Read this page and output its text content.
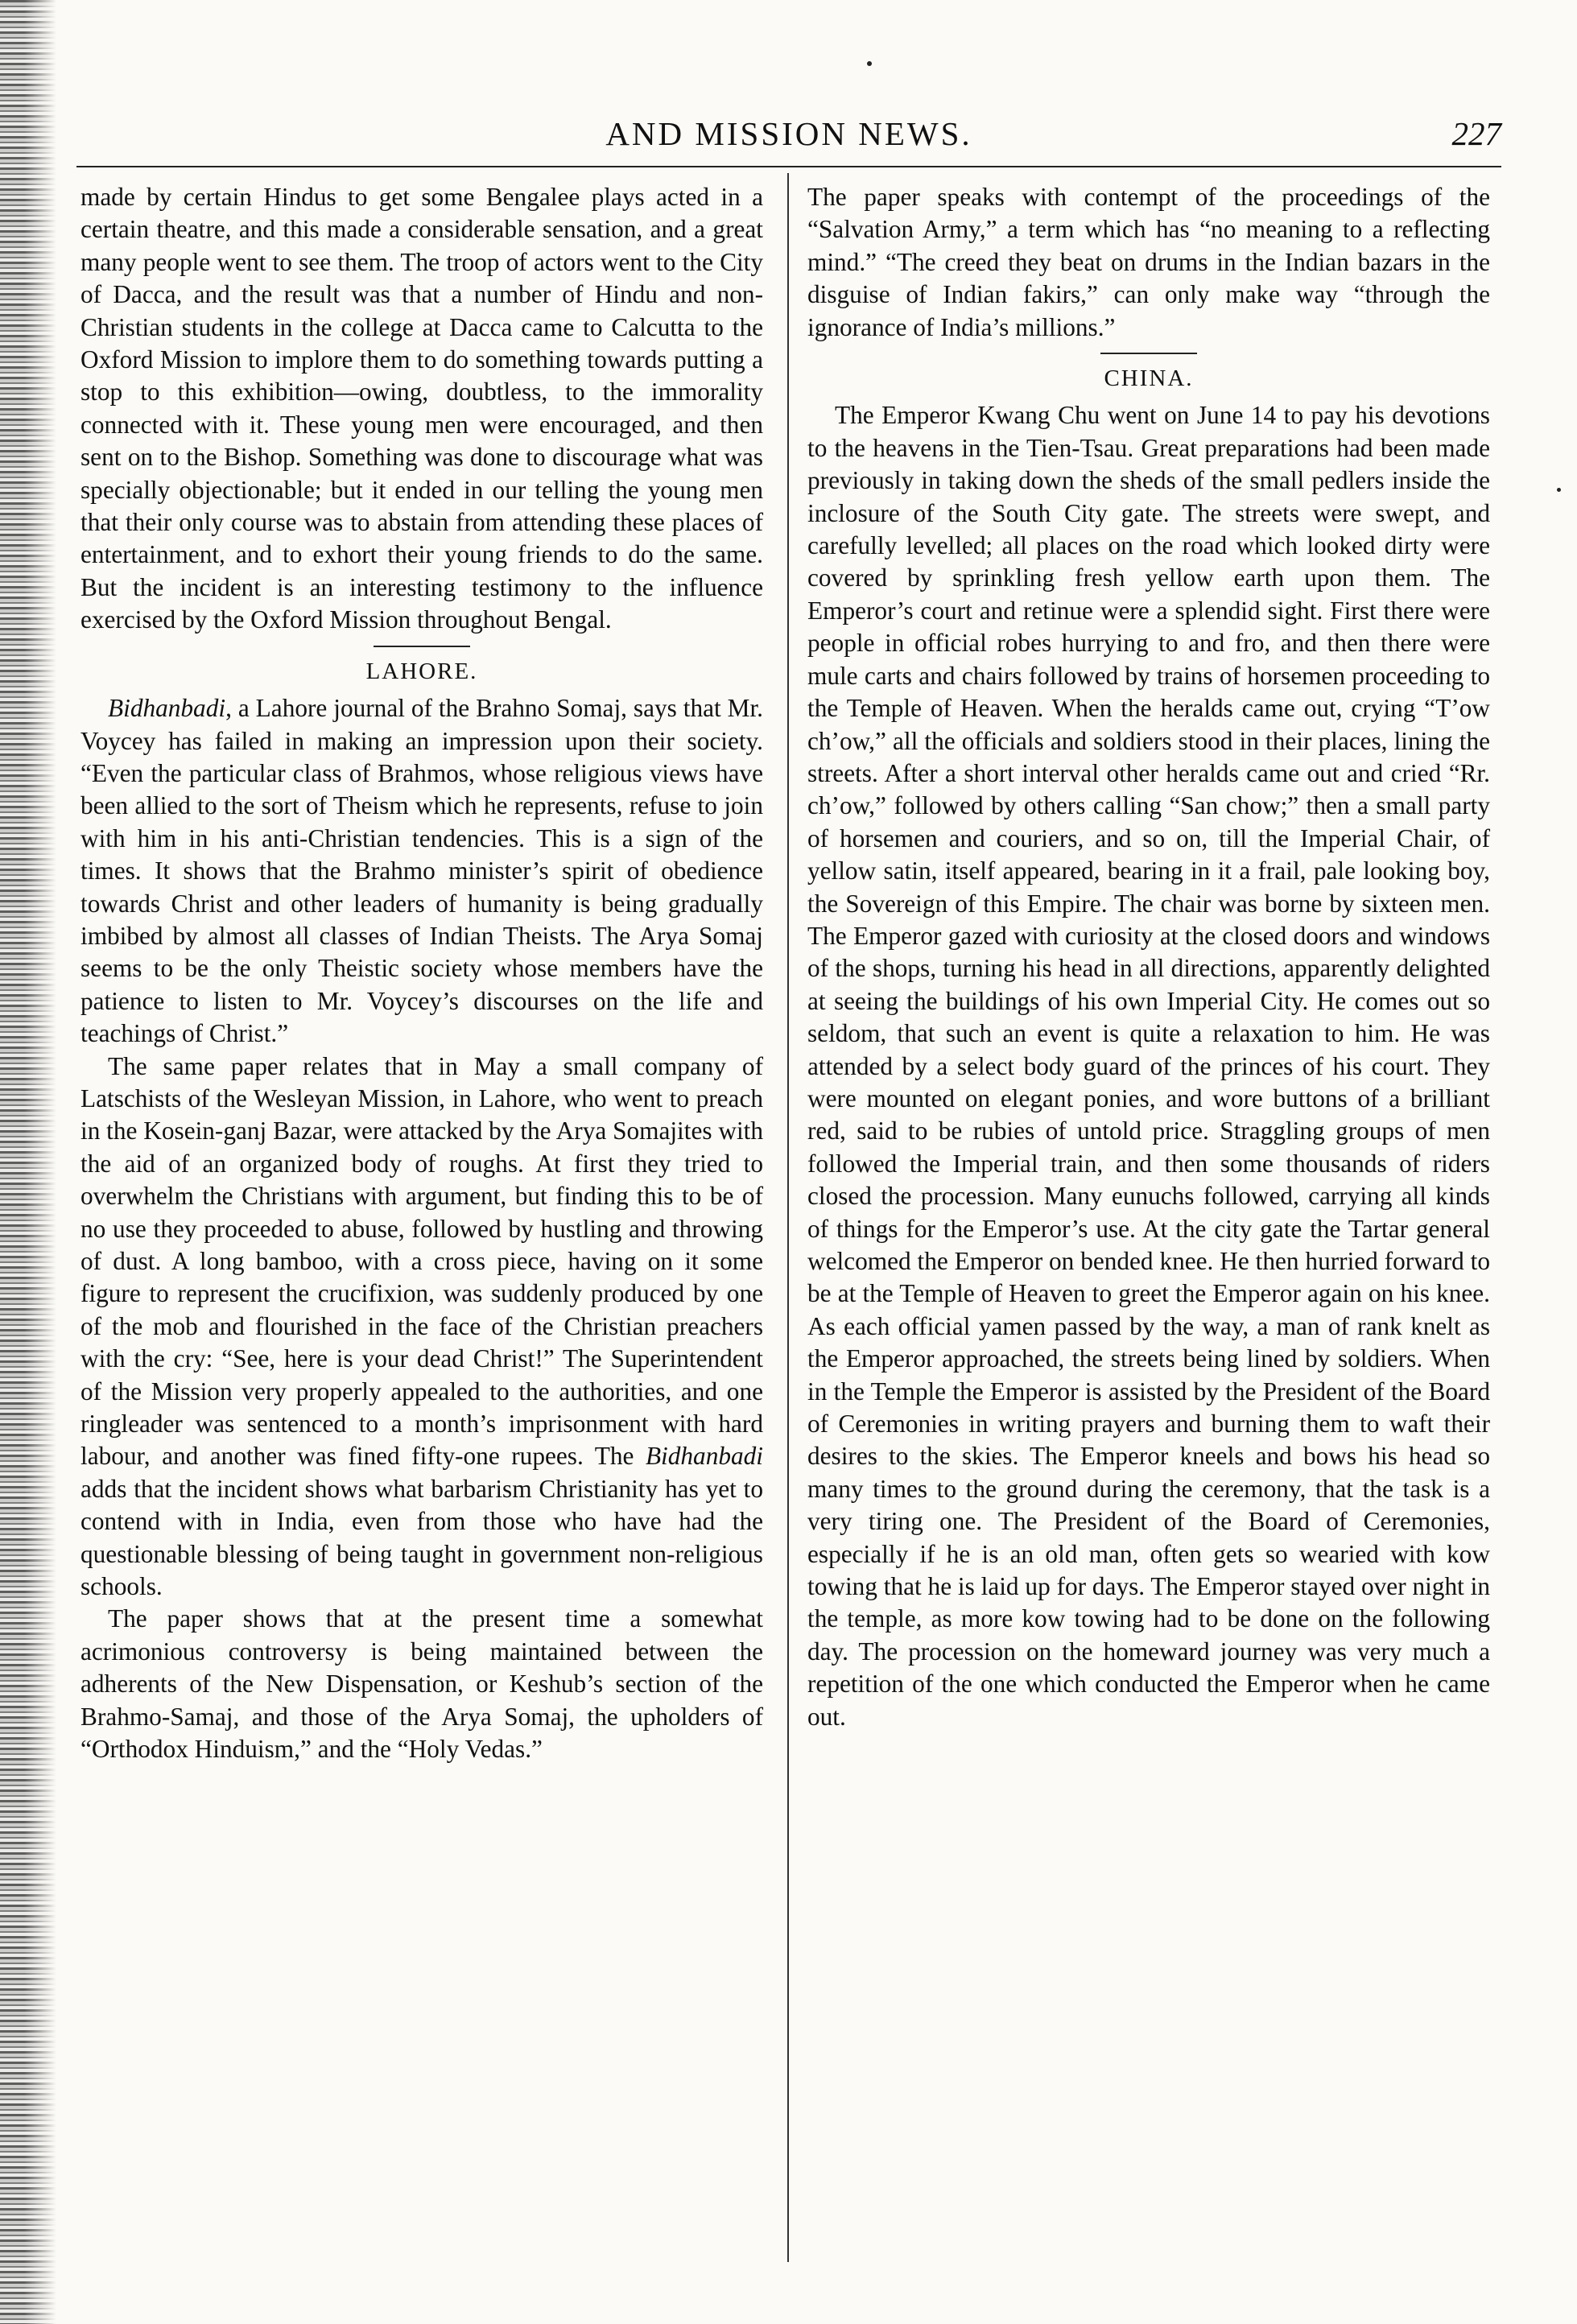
AND MISSION NEWS.	227

made by certain Hindus to get some Bengalee plays acted in a certain theatre, and this made a considerable sensation, and a great many people went to see them. The troop of actors went to the City of Dacca, and the result was that a number of Hindu and non-Christian students in the college at Dacca came to Calcutta to the Oxford Mission to implore them to do something towards putting a stop to this exhibition—owing, doubtless, to the immorality connected with it. These young men were encouraged, and then sent on to the Bishop. Something was done to discourage what was specially objectionable; but it ended in our telling the young men that their only course was to abstain from attending these places of entertainment, and to exhort their young friends to do the same. But the incident is an interesting testimony to the influence exercised by the Oxford Mission throughout Bengal.

LAHORE.

Bidhanbadi, a Lahore journal of the Brahno Somaj, says that Mr. Voycey has failed in making an impression upon their society. “Even the particular class of Brahmos, whose religious views have been allied to the sort of Theism which he represents, refuse to join with him in his anti-Christian tendencies. This is a sign of the times. It shows that the Brahmo minister’s spirit of obedience towards Christ and other leaders of humanity is being gradually imbibed by almost all classes of Indian Theists. The Arya Somaj seems to be the only Theistic society whose members have the patience to listen to Mr. Voycey’s discourses on the life and teachings of Christ.”

The same paper relates that in May a small company of Latschists of the Wesleyan Mission, in Lahore, who went to preach in the Kosein-ganj Bazar, were attacked by the Arya Somajites with the aid of an organized body of roughs. At first they tried to overwhelm the Christians with argument, but finding this to be of no use they proceeded to abuse, followed by hustling and throwing of dust. A long bamboo, with a cross piece, having on it some figure to represent the crucifixion, was suddenly produced by one of the mob and flourished in the face of the Christian preachers with the cry: “See, here is your dead Christ!” The Superintendent of the Mission very properly appealed to the authorities, and one ringleader was sentenced to a month’s imprisonment with hard labour, and another was fined fifty-one rupees. The Bidhanbadi adds that the incident shows what barbarism Christianity has yet to contend with in India, even from those who have had the questionable blessing of being taught in government non-religious schools.

The paper shows that at the present time a somewhat acrimonious controversy is being maintained between the adherents of the New Dispensation, or Keshub’s section of the Brahmo-Samaj, and those of the Arya Somaj, the upholders of “Orthodox Hinduism,” and the “Holy Vedas.”

The paper speaks with contempt of the proceedings of the “Salvation Army,” a term which has “no meaning to a reflecting mind.” “The creed they beat on drums in the Indian bazars in the disguise of Indian fakirs,” can only make way “through the ignorance of India’s millions.”

CHINA.

The Emperor Kwang Chu went on June 14 to pay his devotions to the heavens in the Tien-Tsau. Great preparations had been made previously in taking down the sheds of the small pedlers inside the inclosure of the South City gate. The streets were swept, and carefully levelled; all places on the road which looked dirty were covered by sprinkling fresh yellow earth upon them. The Emperor’s court and retinue were a splendid sight. First there were people in official robes hurrying to and fro, and then there were mule carts and chairs followed by trains of horsemen proceeding to the Temple of Heaven. When the heralds came out, crying “T’ow ch’ow,” all the officials and soldiers stood in their places, lining the streets. After a short interval other heralds came out and cried “Rr. ch’ow,” followed by others calling “San chow;” then a small party of horsemen and couriers, and so on, till the Imperial Chair, of yellow satin, itself appeared, bearing in it a frail, pale looking boy, the Sovereign of this Empire. The chair was borne by sixteen men. The Emperor gazed with curiosity at the closed doors and windows of the shops, turning his head in all directions, apparently delighted at seeing the buildings of his own Imperial City. He comes out so seldom, that such an event is quite a relaxation to him. He was attended by a select body guard of the princes of his court. They were mounted on elegant ponies, and wore buttons of a brilliant red, said to be rubies of untold price. Straggling groups of men followed the Imperial train, and then some thousands of riders closed the procession. Many eunuchs followed, carrying all kinds of things for the Emperor’s use. At the city gate the Tartar general welcomed the Emperor on bended knee. He then hurried forward to be at the Temple of Heaven to greet the Emperor again on his knee. As each official yamen passed by the way, a man of rank knelt as the Emperor approached, the streets being lined by soldiers. When in the Temple the Emperor is assisted by the President of the Board of Ceremonies in writing prayers and burning them to waft their desires to the skies. The Emperor kneels and bows his head so many times to the ground during the ceremony, that the task is a very tiring one. The President of the Board of Ceremonies, especially if he is an old man, often gets so wearied with kow towing that he is laid up for days. The Emperor stayed over night in the temple, as more kow towing had to be done on the following day. The procession on the homeward journey was very much a repetition of the one which conducted the Emperor when he came out.
